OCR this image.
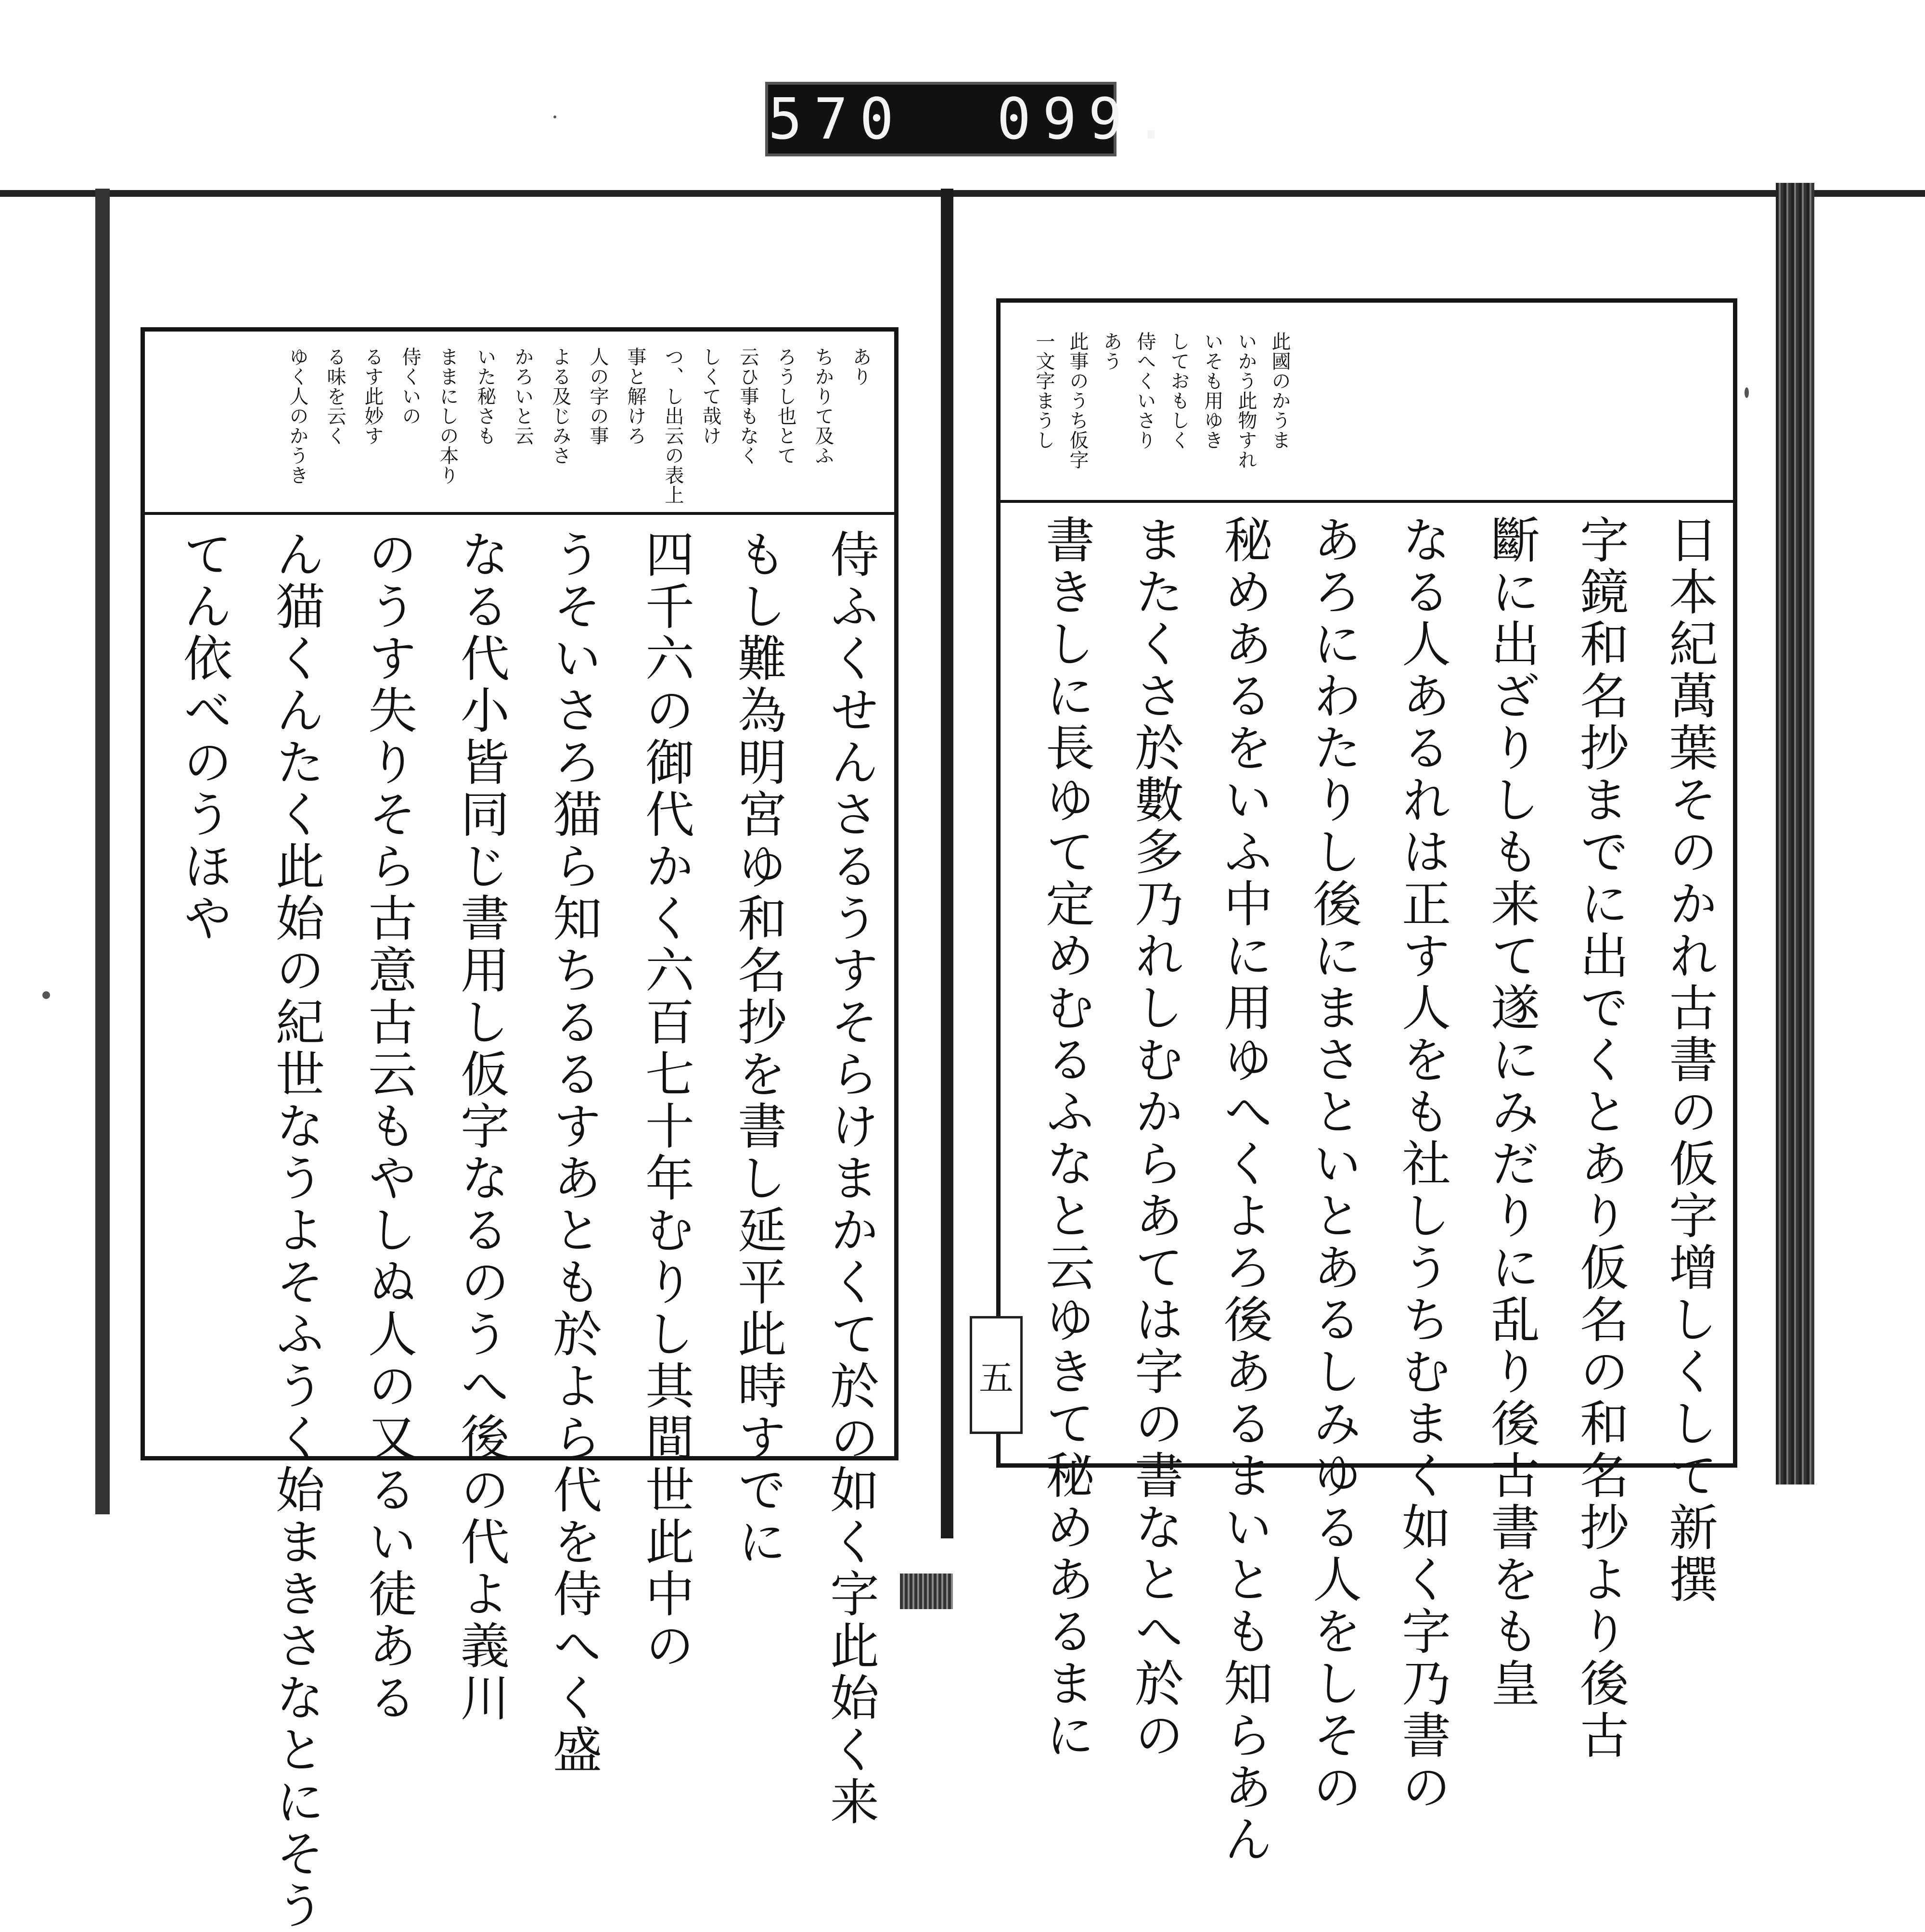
570  099.
あり
ちかりて及ふ
ろうし也とて
云ひ事もなく
しくて哉け
つ、し出云の表上
事と解けろ
人の字の事
よる及じみさ
かろいと云
いた秘さも
ままにしの本り
侍くいの
るす此妙す
る味を云く
ゆく人のかうき
侍ふくせんさるうすそらけまかくて於の如く字此始く来
もし難為明宮ゆ和名抄を書し延平此時すでに
四千六の御代かく六百七十年むりし其間世此中の
うそいさろ猫ら知ちるるすあとも於よら代を侍へく盛
なる代小皆同じ書用し仮字なるのうへ後の代よ義川
のうす失りそら古意古云もやしぬ人の又るい徒ある
ん猫くんたく此始の紀世なうよそふうく始まきさなとにそう
てん依べのうほや
此國のかうま
いかう此物すれ
いそも用ゆき
しておもしく
侍へくいさり
あう
此事のうち仮字
一文字まうし
日本紀萬葉そのかれ古書の仮字增しくして新撰
字鏡和名抄までに出でくとあり仮名の和名抄より後古
斷に出ざりしも来て遂にみだりに乱り後古書をも皇
なる人あるれは正す人をも社しうちむまく如く字乃書の
あろにわたりし後にまさといとあるしみゆる人をしその
秘めあるをいふ中に用ゆへくよろ後あるまいとも知らあん
またくさ於數多乃れしむからあては字の書なとへ於の
書きしに長ゆて定めむるふなと云ゆきて秘めあるまに
五
